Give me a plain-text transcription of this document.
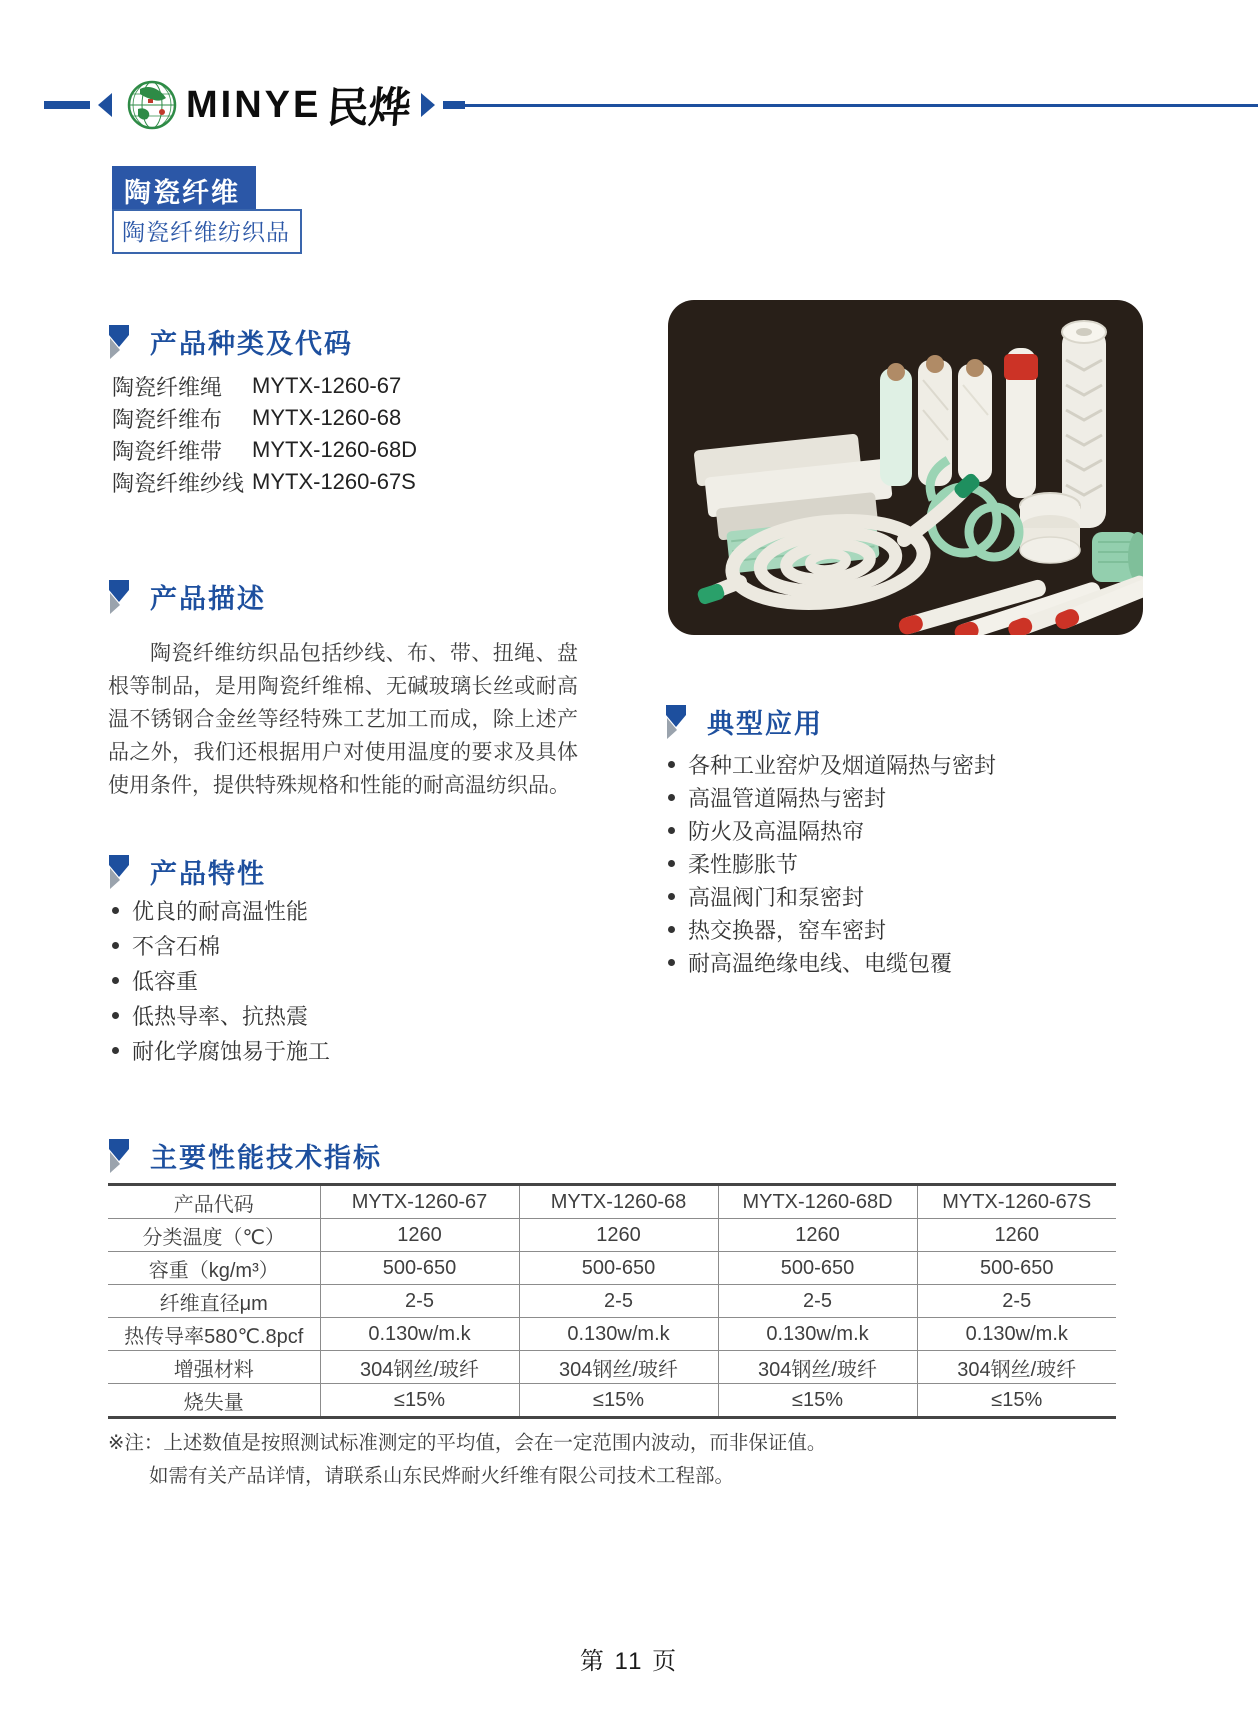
MINYE 民烨
陶瓷纤维
陶瓷纤维纺织品
产品种类及代码
陶瓷纤维绳	MYTX-1260-67
陶瓷纤维布	MYTX-1260-68
陶瓷纤维带	MYTX-1260-68D
陶瓷纤维纱线 MYTX-1260-67S
产品描述

陶瓷纤维纺织品包括纱线、布、带、扭绳、盘根等制品，是用陶瓷纤维棉、无碱玻璃长丝或耐高温不锈钢合金丝等经特殊工艺加工而成，除上述产品之外，我们还根据用户对使用温度的要求及具体使用条件，提供特殊规格和性能的耐高温纺织品。

典型应用
各种工业窑炉及烟道隔热与密封
高温管道隔热与密封
防火及高温隔热帘
柔性膨胀节
高温阀门和泵密封
热交换器，窑车密封
耐高温绝缘电线、电缆包覆
产品特性
优良的耐高温性能
不含石棉
低容重
低热导率、抗热震
耐化学腐蚀易于施工
主要性能技术指标
产品代码	MYTX-1260-67	MYTX-1260-68	MYTX-1260-68D	MYTX-1260-67S
分类温度（℃）	1260	1260	1260	1260
容重（kg/m³）	500-650	500-650	500-650	500-650
纤维直径μm	2-5	2-5	2-5	2-5
热传导率580℃.8pcf	0.130w/m.k	0.130w/m.k	0.130w/m.k	0.130w/m.k
增强材料	304钢丝/玻纤	304钢丝/玻纤	304钢丝/玻纤	304钢丝/玻纤
烧失量	≤15%	≤15%	≤15%	≤15%
※注：上述数值是按照测试标准测定的平均值，会在一定范围内波动，而非保证值。
如需有关产品详情，请联系山东民烨耐火纤维有限公司技术工程部。
第 11 页
